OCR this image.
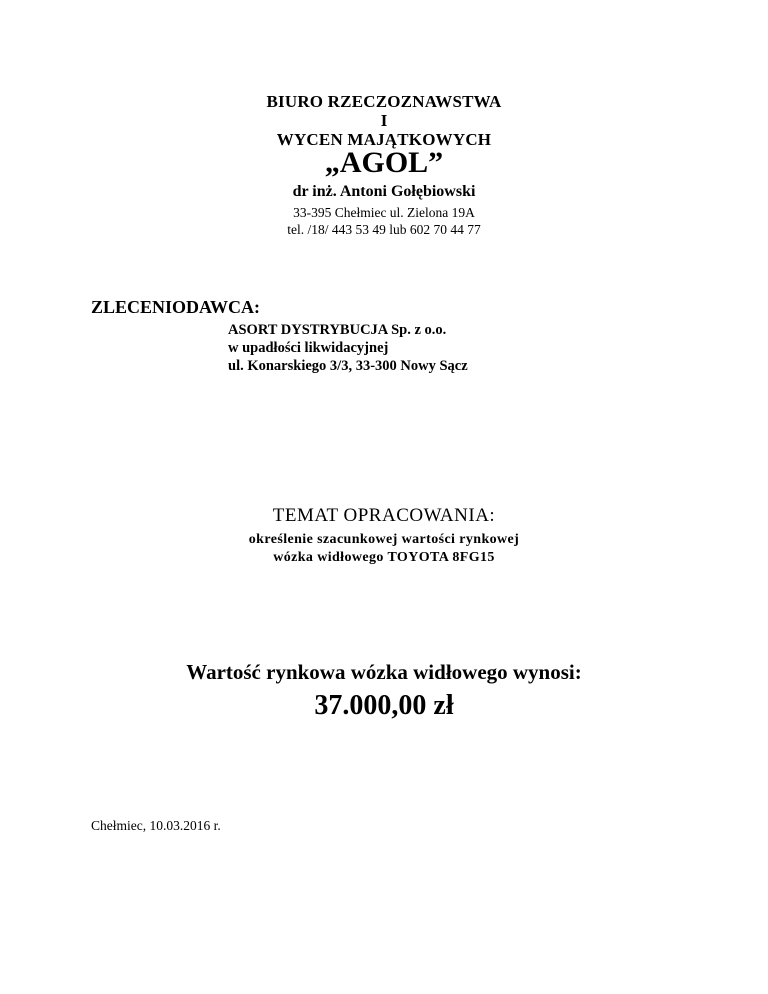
BIURO RZECZOZNAWSTWA

I

WYCEN MAJĄTKOWYCH

„AGOL”

dr inż. Antoni Gołębiowski

33-395 Chełmiec ul. Zielona 19A

tel. /18/ 443 53 49 lub 602 70 44 77

ZLECENIODAWCA:

ASORT DYSTRYBUCJA Sp. z o.o.

w upadłości likwidacyjnej

ul. Konarskiego 3/3, 33-300 Nowy Sącz

TEMAT OPRACOWANIA:

określenie szacunkowej wartości rynkowej

wózka widłowego TOYOTA 8FG15

Wartość rynkowa wózka widłowego wynosi:

37.000,00 zł

Chełmiec, 10.03.2016 r.
